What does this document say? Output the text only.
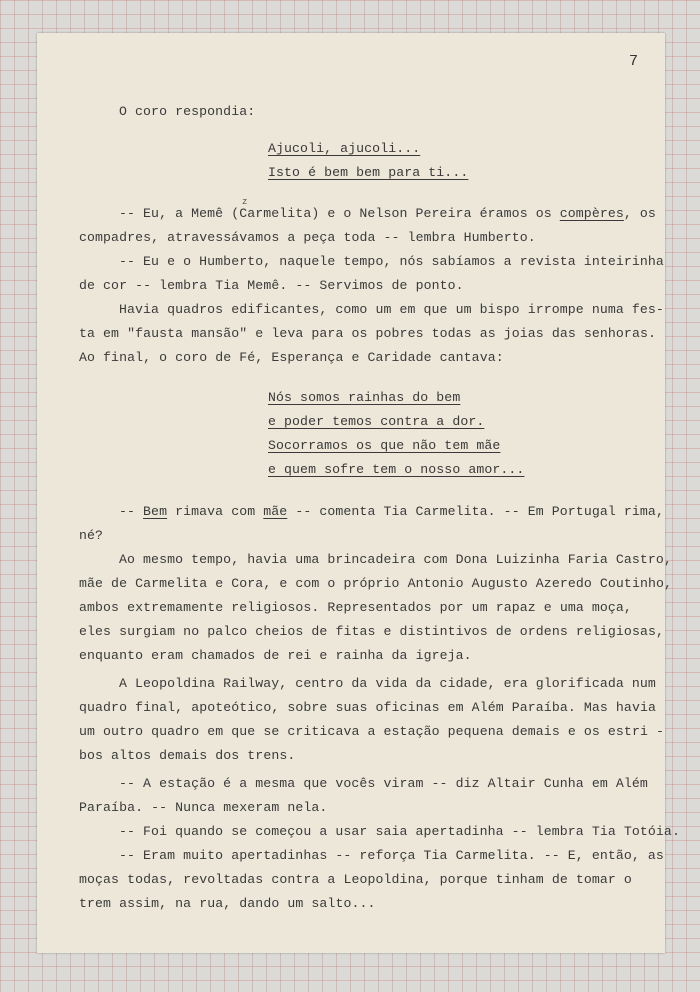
7
z

O coro respondia:

Ajucoli, ajucoli...

Isto é bem bem para ti...

-- Eu, a Memê (Carmelita) e o Nelson Pereira éramos os compères, os

compadres, atravessávamos a peça toda -- lembra Humberto.

-- Eu e o Humberto, naquele tempo, nós sabíamos a revista inteirinha

de cor -- lembra Tia Memê. -- Servimos de ponto.

Havia quadros edificantes, como um em que um bispo irrompe numa fes-

ta em "fausta mansão" e leva para os pobres todas as joias das senhoras.

Ao final, o coro de Fé, Esperança e Caridade cantava:

Nós somos rainhas do bem

e poder temos contra a dor.

Socorramos os que não tem mãe

e quem sofre tem o nosso amor...

-- Bem rimava com mãe -- comenta Tia Carmelita. -- Em Portugal rima,

né?

Ao mesmo tempo, havia uma brincadeira com Dona Luizinha Faria Castro,

mãe de Carmelita e Cora, e com o próprio Antonio Augusto Azeredo Coutinho,

ambos extremamente religiosos. Representados por um rapaz e uma moça,

eles surgiam no palco cheios de fitas e distintivos de ordens religiosas,

enquanto eram chamados de rei e rainha da igreja.

A Leopoldina Railway, centro da vida da cidade, era glorificada num

quadro final, apoteótico, sobre suas oficinas em Além Paraíba. Mas havia

um outro quadro em que se criticava a estação pequena demais e os estri -

bos altos demais dos trens.

-- A estação é a mesma que vocês viram -- diz Altair Cunha em Além

Paraíba. -- Nunca mexeram nela.

-- Foi quando se começou a usar saia apertadinha -- lembra Tia Totóia.

-- Eram muito apertadinhas -- reforça Tia Carmelita. -- E, então, as

moças todas, revoltadas contra a Leopoldina, porque tinham de tomar o

trem assim, na rua, dando um salto...
